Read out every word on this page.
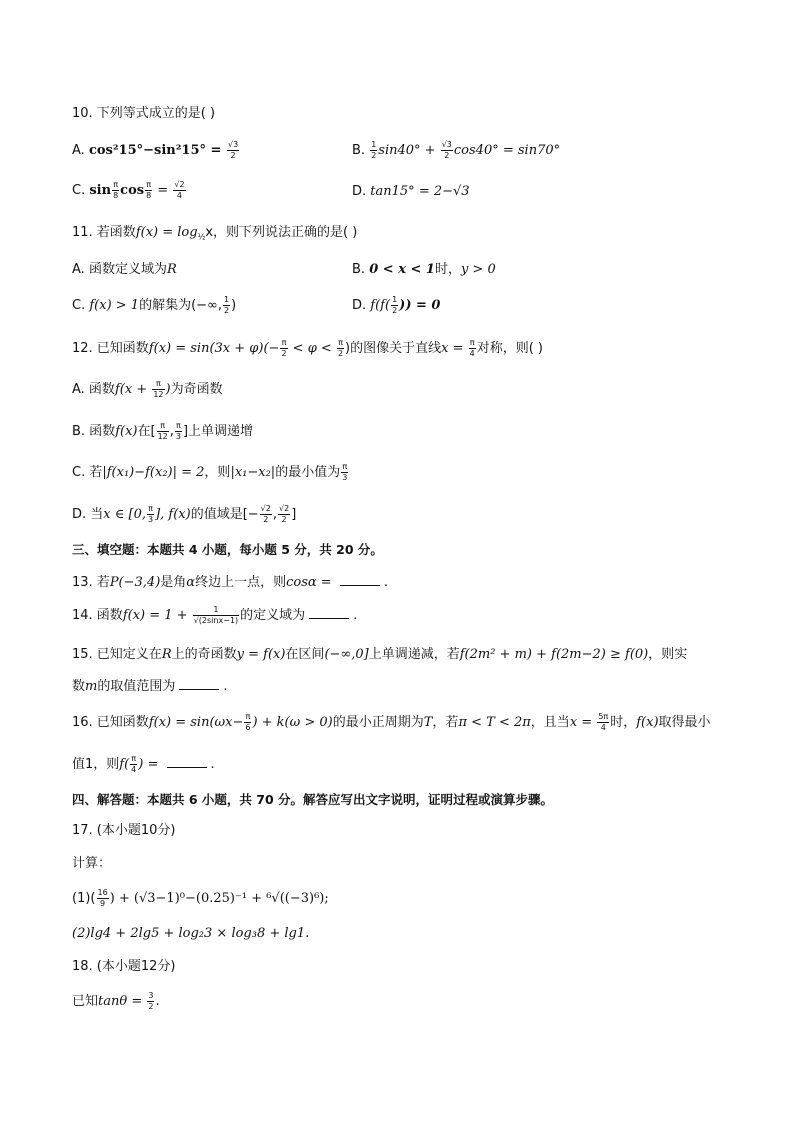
10. 下列等式成立的是( )
A. $\cos^215^\circ-\sin^215^\circ = \frac{√3}{2}$	B. $\frac{1}{2} \sin 40^\circ + \frac{√3}{2} \cos 40^\circ = \sin 70^\circ$
C. $\sin \frac{\pi}{8}$ $\cos \frac{\pi}{8} = \frac{√2}{4}$	D. tan15° = 2−√3
11. 若函数$f(x) = \log_{\frac{1}{2}}x$，则下列说法正确的是( )
A. 函数定义域为R	B. 0 < x < 1时，y > 0
C. f(x) > 1的解集为(−∞, $\frac{1}{2}$ )	D. $f(f( \frac{1}{2}$ )) = 0
12. 已知函数$f(x) = \sin(3x + \varphi)(- \frac{\pi}{2} < \varphi < \frac{\pi}{2}$ )的图像关于直线$x = \frac{\pi}{4}$ 对称，则( )
A. 函数$f(x + \frac{\pi}{12}$ )为奇函数
B. 函数f(x)在[ $\frac{\pi}{12}$ , $\frac{\pi}{3}$ ]上单调递增
C. 若|f(x₁)−f(x₂)| = 2，则|x₁−x₂|的最小值为 $\frac{\pi}{3}$
D. 当x ∈ [0, $\frac{\pi}{3}$ ], f(x)的值域是[− $\frac{√2}{2}$ , $\frac{√2}{2}$ ]
三、填空题：本题共 4 小题，每小题 5 分，共 20 分。
13. 若P(−3,4)是角α终边上一点，则cosα =	.
14. 函数$f(x) = 1 + \frac{1}{√(2\sin x-1)}$ 的定义域为	.
15. 已知定义在R上的奇函数y = f(x)在区间(−∞,0]上单调递减，若f(2m² + m) + f(2m−2) ≥ f(0)，则实
数m的取值范围为	.
16. 已知函数$f(x) = \sin(\omega x- \frac{\pi}{6}$ ) + k(ω > 0)的最小正周期为T，若π < T < 2π，且当$x = \frac{5\pi}{4}$ 时，f(x)取得最小
值1，则$f( \frac{\pi}{4}$ ) =	.
四、解答题：本题共 6 小题，共 70 分。解答应写出文字说明，证明过程或演算步骤。
17. (本小题10分)
计算：
$(1)( \frac{16}{9}$ ) + (√3−1)⁰−(0.25)⁻¹ + ⁶√((−3)⁶);
(2)lg4 + 2lg5 + log₂3 × log₃8 + lg1.
18. (本小题12分)
已知$\tan\theta = \frac{3}{2}$ .
